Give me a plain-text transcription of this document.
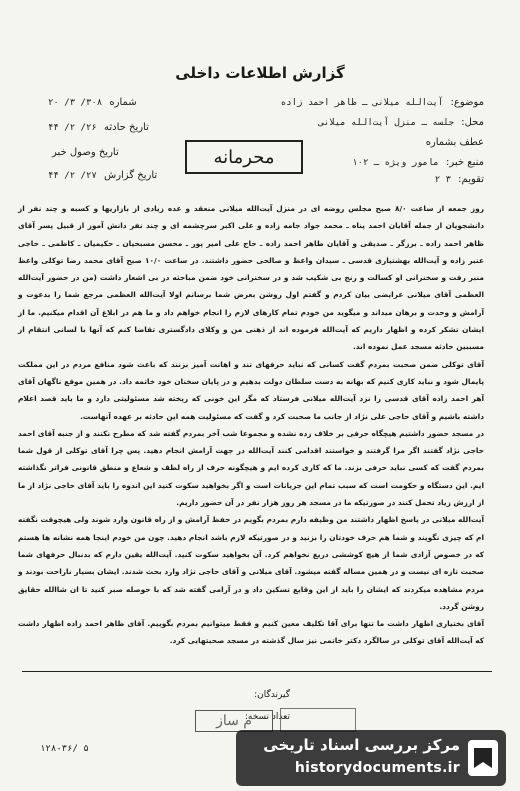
گزارش اطلاعات داخلی
موضوع: آیت‌الله میلانی ـ ظاهر احمد زاده
محل: جلسه ـ منزل آیت‌الله میلانی
عطف بشماره
منبع خبر: مامور ویژه ـ ۱۰۲
تقویم: ۳ ۲
شماره ۳۰۸/ ۳/ ۲۰
تاریخ حادثه ۲۶/ ۲/ ۴۴
تاریخ وصول خبر
تاریخ گزارش ۲۷/ ۲/ ۴۴
محرمانه

روز جمعه از ساعت ۸/۰ صبح مجلس روضه ای در منزل آیت‌الله میلانی منعقد و عده زیادی از بازاریها و کسبه و چند نفر از دانشجویان از جمله آقایان احمد پناه ـ محمد جواد جامه زاده و علی اکبر سرچشمه ای و چند نفر دانش آموز از قبیل پسر آقای ظاهر احمد زاده ـ برزگر ـ صدیقی و آقایان طاهر احمد زاده ـ حاج علی امیر پور ـ محسن مسبحیان ـ حکیمیان ـ کاظمی ـ حاجی عنبر زاده و آیت‌الله بهشتیاری قدسی ـ سیدان واعظ و صالحی حضور داشتند. در ساعت ۱۰/۰ صبح آقای محمد رضا توکلی واعظ منبر رفت و سخنرانی او کسالت و رنج بی شکیب شد و در سخنرانی خود ضمن مباحثه در بی اشعار داشت (من در حضور آیت‌الله العظمی آقای میلانی عرایضی بیان کردم و گفتم اول روشن بعرض شما برسانم اولا آیت‌الله العظمی مرجع شما را بدعوت و آرامش و وحدت و برهان میداند و میگوید من خودم تمام کارهای لازم را انجام خواهم داد و ما هم در ابلاغ آن اقدام میکنیم. ما از ایشان تشکر کرده و اظهار داریم که آیت‌الله فرموده اند از ذهنی من و وکلای دادگستری تقاضا کنم که آنها با لسانی انتقام از مسببین حادثه مسجد عمل نموده اند.

آقای توکلی ضمن صحبت بمردم گفت کسانی که نباید حرفهای تند و اهانت آمیز بزنند که باعث شود منافع مردم در این مملکت پایمال شود و نباید کاری کنیم که بهانه به دست سلطان دولت بدهیم و در پایان سخنان خود خاتمه داد. در همین موقع ناگهان آقای آهر احمد زاده آقای قدسی را نزد آیت‌الله میلانی فرستاد که مگر این خونی که ریخته شد مسئولیتی دارد و ما باید قصد اعلام داشته باشیم و آقای حاجی علی نژاد از جانب ما صحبت کرد و گفت که مسئولیت همه این حادثه بر عهده آنهاست.

در مسجد حضور داشتیم هیچگاه حرفی بر خلاف زده نشده و مجموعا شب آخر بمردم گفته شد که مطرح نکنند و از جنبه آقای احمد حاجی نژاد گفتند اگر مرا گرفتند و خواستند اقدامی کنند آیت‌الله در جهت آرامش انجام دهید. پس چرا آقای توکلی از قول شما بمردم گفت که کسی نباید حرفی بزند. ما که کاری کرده ایم و هیچگونه حرف از راه لطف و شعاع و منطق قانونی فراتر نگذاشته ایم. این دستگاه و حکومت است که سبب تمام این جریانات است و اگر بخواهید سکوت کنید این اندوه را باید آقای حاجی نژاد از ما از ارزش زیاد تحمل کنند در صورتیکه ما در مسجد هر روز هزار نفر در آن حضور داریم.

آیت‌الله میلانی در پاسخ اظهار داشتند من وظیفه دارم بمردم بگویم در حفظ آرامش و از راه قانون وارد شوند ولی هیچوقت نگفته ام که چیزی نگویند و شما هم حرف خودتان را بزنید و در صورتیکه لازم باشد انجام دهید. چون من خودم اینجا همه نشانه ها هستم که در خصوص آزادی شما از هیچ کوششی دریغ نخواهم کرد. آن بخواهید سکوت کنید. آیت‌الله یقین دارم که بدنبال حرفهای شما صحبت تازه ای نیست و در همین مساله گفته میشود. آقای میلانی و آقای حاجی نژاد وارد بحث شدند. ایشان بسیار ناراحت بودند و مردم مشاهده میکردند که ایشان را باید از این وقایع تسکین داد و در آرامی گفته شد که با حوصله صبر کنید تا ان شاالله حقایق روشن گردد.

آقای بختیاری اظهار داشت ما تنها برای آقا تکلیف معین کنیم و فقط میتوانیم بمردم بگوییم. آقای ظاهر احمد زاده اظهار داشت که آیت‌الله آقای توکلی در سالگرد دکتر خاتمی نیز سال گذشته در مسجد صحبتهایی کرد.

گیرندگان:
تعداد نسخه:
م ساز
۱۲۸-۳۶/ ۵	مرکز بررسی اسناد تاریخی
historydocuments.ir
